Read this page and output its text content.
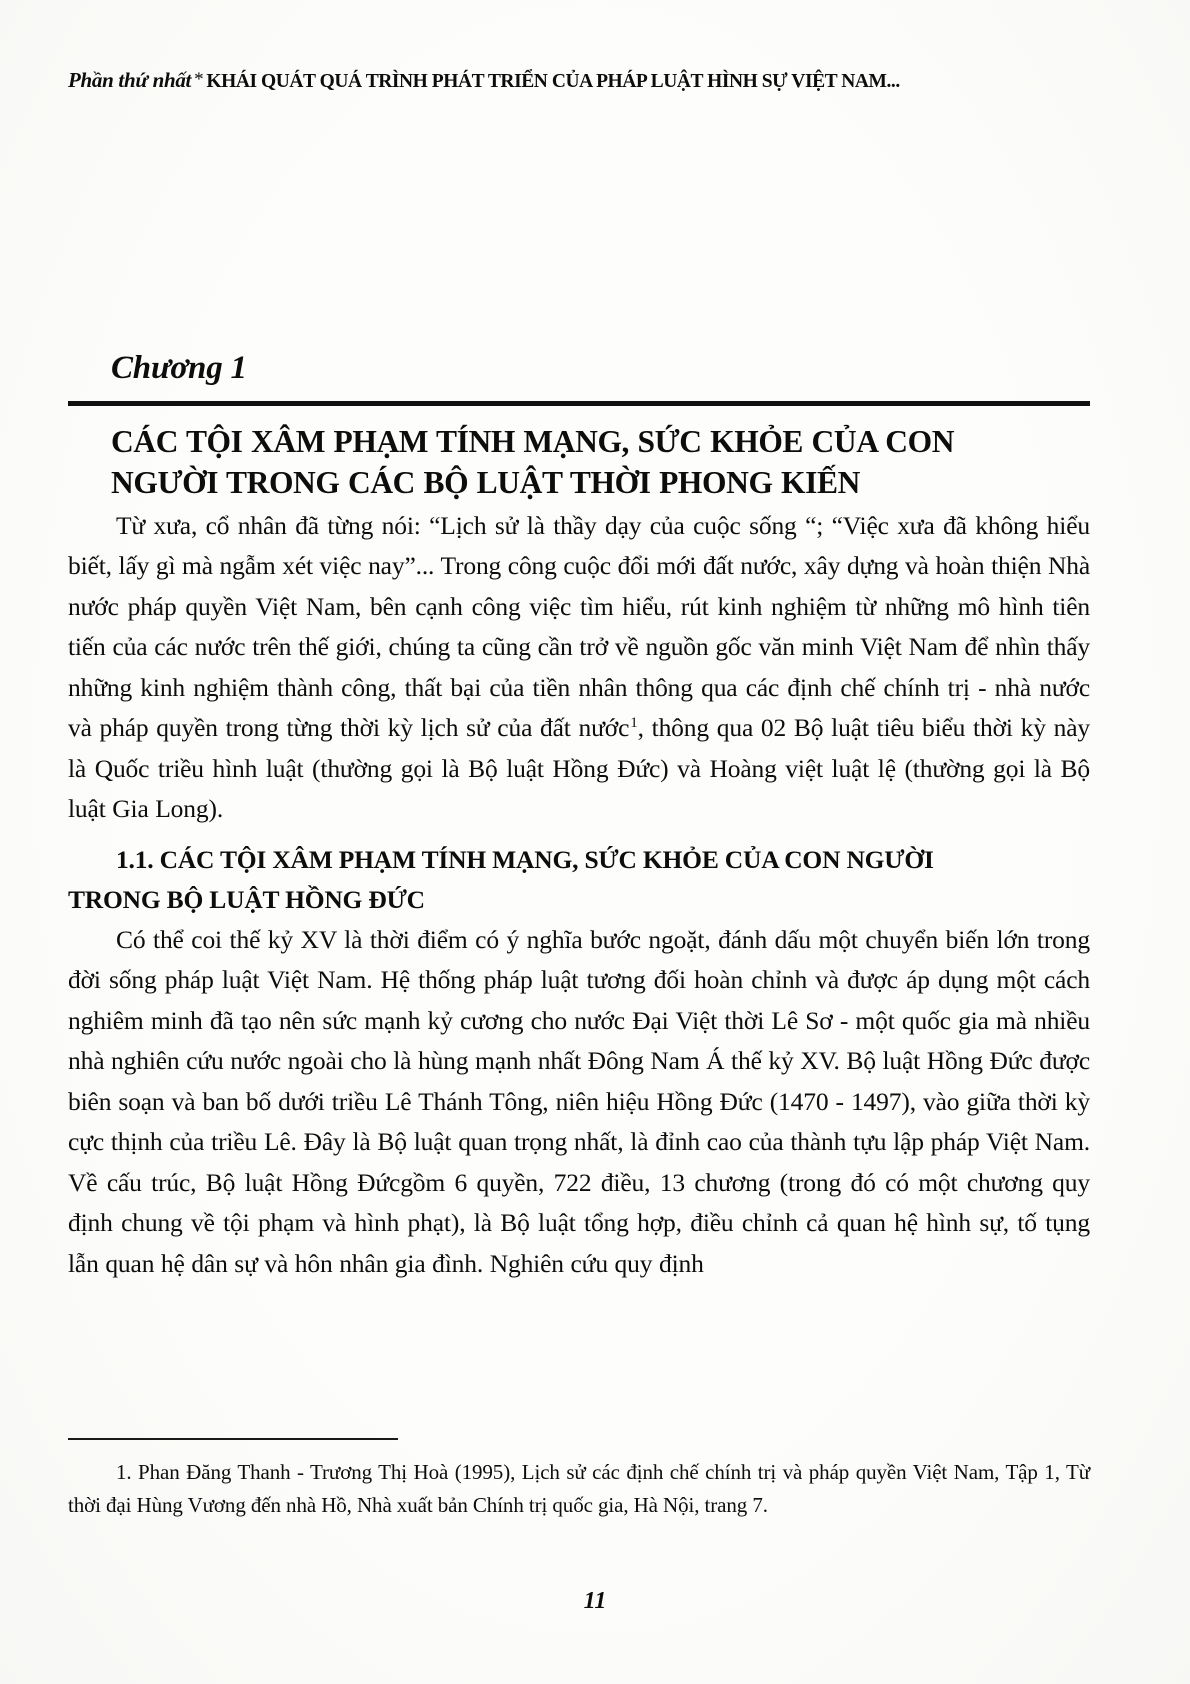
Phần thứ nhất * KHÁI QUÁT QUÁ TRÌNH PHÁT TRIỂN CỦA PHÁP LUẬT HÌNH SỰ VIỆT NAM...
Chương 1
CÁC TỘI XÂM PHẠM TÍNH MẠNG, SỨC KHỎE CỦA CON
NGƯỜI TRONG CÁC BỘ LUẬT THỜI PHONG KIẾN

Từ xưa, cổ nhân đã từng nói: “Lịch sử là thầy dạy của cuộc sống “; “Việc xưa đã không hiểu biết, lấy gì mà ngẫm xét việc nay”... Trong công cuộc đổi mới đất nước, xây dựng và hoàn thiện Nhà nước pháp quyền Việt Nam, bên cạnh công việc tìm hiểu, rút kinh nghiệm từ những mô hình tiên tiến của các nước trên thế giới, chúng ta cũng cần trở về nguồn gốc văn minh Việt Nam để nhìn thấy những kinh nghiệm thành công, thất bại của tiền nhân thông qua các định chế chính trị - nhà nước và pháp quyền trong từng thời kỳ lịch sử của đất nước$^1$, thông qua 02 Bộ luật tiêu biểu thời kỳ này là Quốc triều hình luật (thường gọi là Bộ luật Hồng Đức) và Hoàng việt luật lệ (thường gọi là Bộ luật Gia Long).

1.1. CÁC TỘI XÂM PHẠM TÍNH MẠNG, SỨC KHỎE CỦA CON NGƯỜI
TRONG BỘ LUẬT HỒNG ĐỨC

Có thể coi thế kỷ XV là thời điểm có ý nghĩa bước ngoặt, đánh dấu một chuyển biến lớn trong đời sống pháp luật Việt Nam. Hệ thống pháp luật tương đối hoàn chỉnh và được áp dụng một cách nghiêm minh đã tạo nên sức mạnh kỷ cương cho nước Đại Việt thời Lê Sơ - một quốc gia mà nhiều nhà nghiên cứu nước ngoài cho là hùng mạnh nhất Đông Nam Á thế kỷ XV. Bộ luật Hồng Đức được biên soạn và ban bố dưới triều Lê Thánh Tông, niên hiệu Hồng Đức (1470 - 1497), vào giữa thời kỳ cực thịnh của triều Lê. Đây là Bộ luật quan trọng nhất, là đỉnh cao của thành tựu lập pháp Việt Nam. Về cấu trúc, Bộ luật Hồng Đứcgồm 6 quyền, 722 điều, 13 chương (trong đó có một chương quy định chung về tội phạm và hình phạt), là Bộ luật tổng hợp, điều chỉnh cả quan hệ hình sự, tố tụng lẫn quan hệ dân sự và hôn nhân gia đình. Nghiên cứu quy định

1. Phan Đăng Thanh - Trương Thị Hoà (1995), Lịch sử các định chế chính trị và pháp quyền Việt Nam, Tập 1, Từ thời đại Hùng Vương đến nhà Hồ, Nhà xuất bản Chính trị quốc gia, Hà Nội, trang 7.

11
